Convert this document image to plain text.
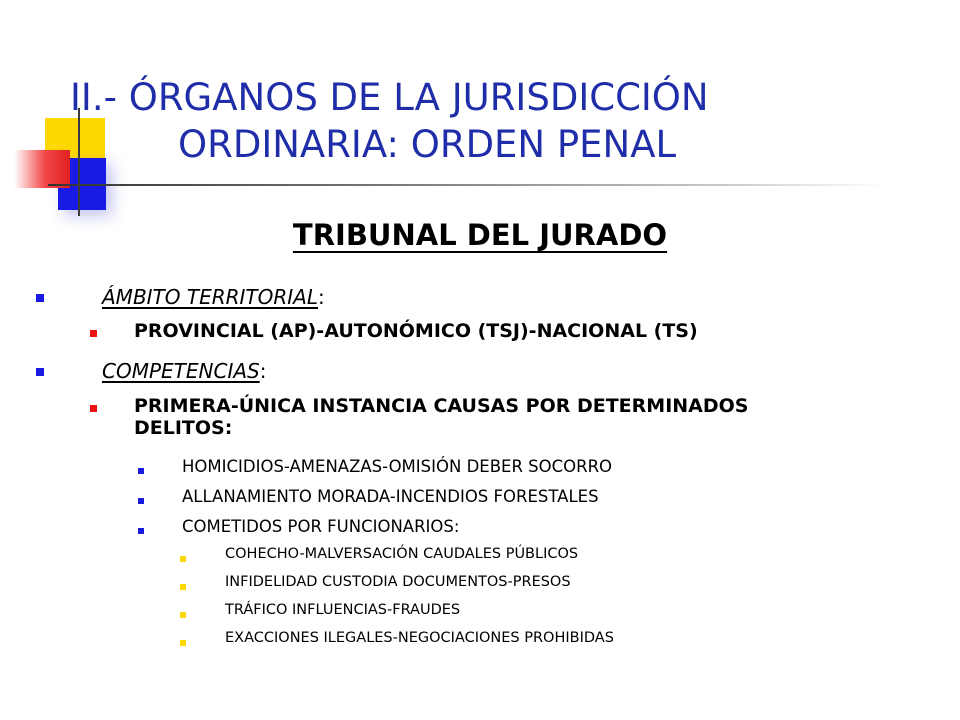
II.- ÓRGANOS DE LA JURISDICCIÓN
ORDINARIA: ORDEN PENAL
TRIBUNAL DEL JURADO
ÁMBITO TERRITORIAL:
PROVINCIAL (AP)-AUTONÓMICO (TSJ)-NACIONAL (TS)
COMPETENCIAS:
PRIMERA-ÚNICA INSTANCIA CAUSAS POR DETERMINADOS DELITOS:
HOMICIDIOS-AMENAZAS-OMISIÓN DEBER SOCORRO
ALLANAMIENTO MORADA-INCENDIOS FORESTALES
COMETIDOS POR FUNCIONARIOS:
COHECHO-MALVERSACIÓN CAUDALES PÚBLICOS
INFIDELIDAD CUSTODIA DOCUMENTOS-PRESOS
TRÁFICO INFLUENCIAS-FRAUDES
EXACCIONES ILEGALES-NEGOCIACIONES PROHIBIDAS
